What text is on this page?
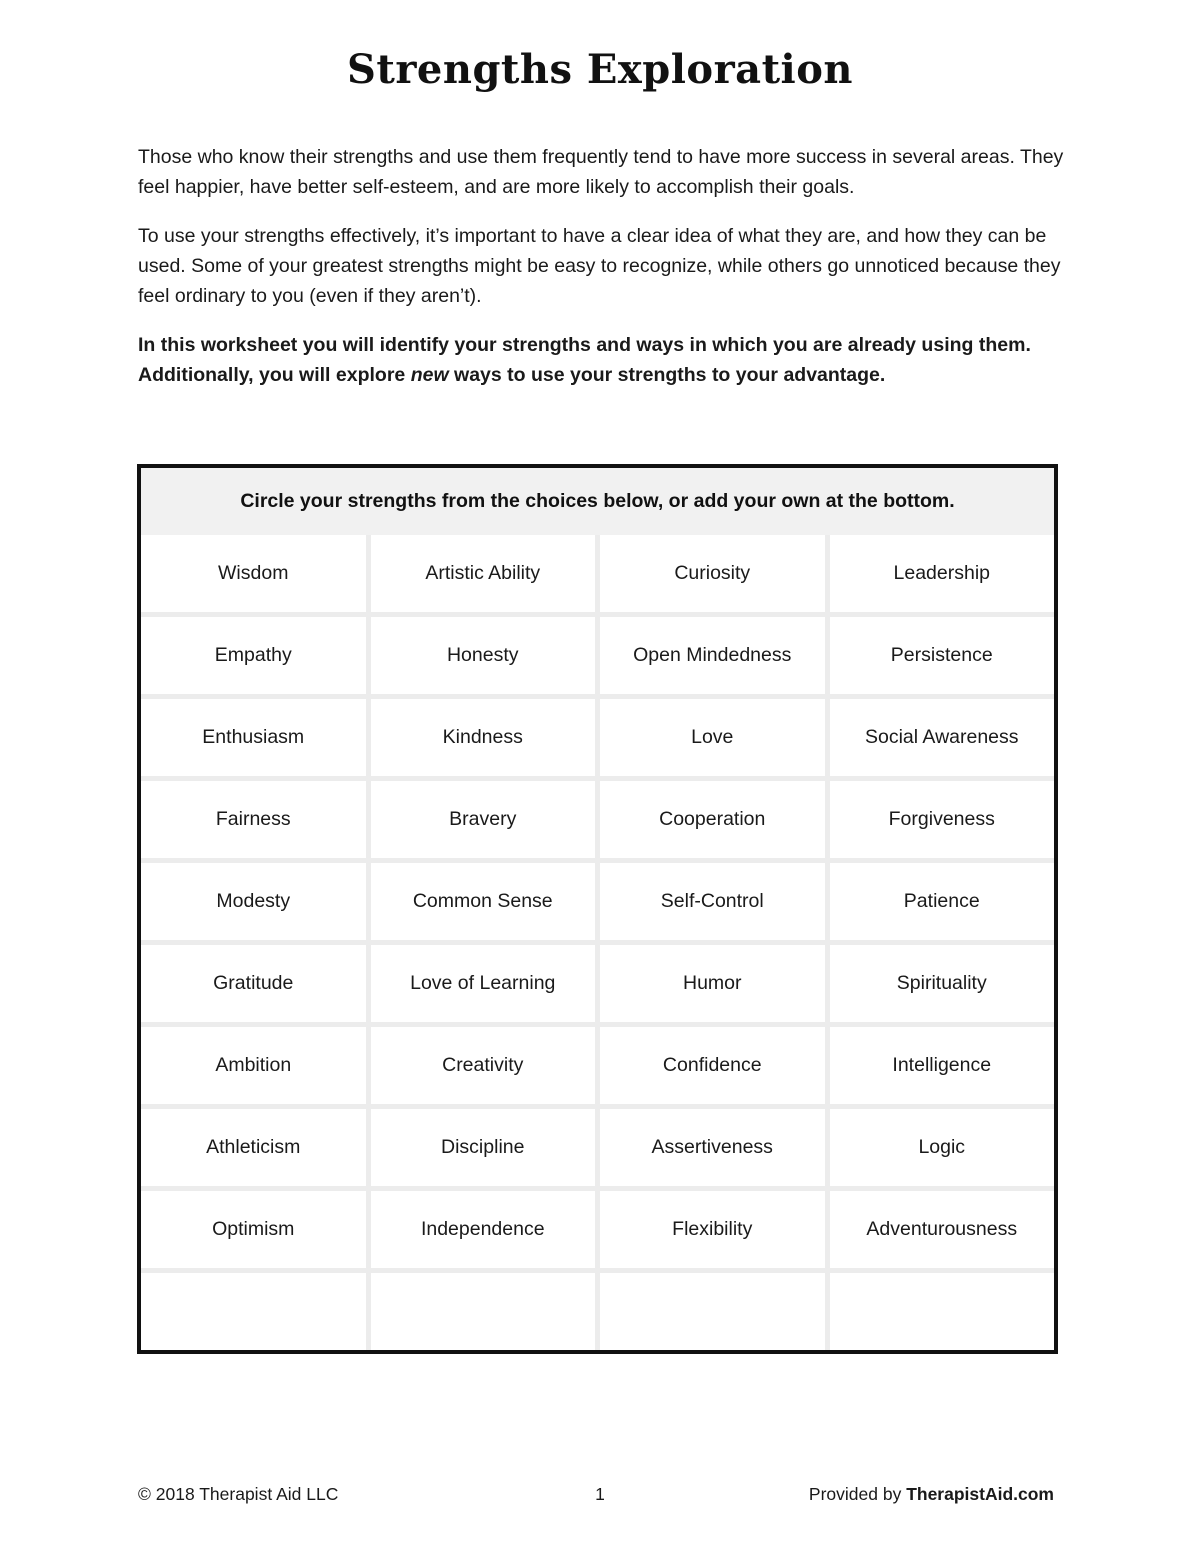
Strengths Exploration
Those who know their strengths and use them frequently tend to have more success in several areas. They feel happier, have better self-esteem, and are more likely to accomplish their goals.
To use your strengths effectively, it’s important to have a clear idea of what they are, and how they can be used. Some of your greatest strengths might be easy to recognize, while others go unnoticed because they feel ordinary to you (even if they aren’t).
In this worksheet you will identify your strengths and ways in which you are already using them. Additionally, you will explore new ways to use your strengths to your advantage.
Circle your strengths from the choices below, or add your own at the bottom.
Wisdom	Artistic Ability	Curiosity	Leadership
Empathy	Honesty	Open Mindedness	Persistence
Enthusiasm	Kindness	Love	Social Awareness
Fairness	Bravery	Cooperation	Forgiveness
Modesty	Common Sense	Self-Control	Patience
Gratitude	Love of Learning	Humor	Spirituality
Ambition	Creativity	Confidence	Intelligence
Athleticism	Discipline	Assertiveness	Logic
Optimism	Independence	Flexibility	Adventurousness
© 2018 Therapist Aid LLC	1	Provided by TherapistAid.com
